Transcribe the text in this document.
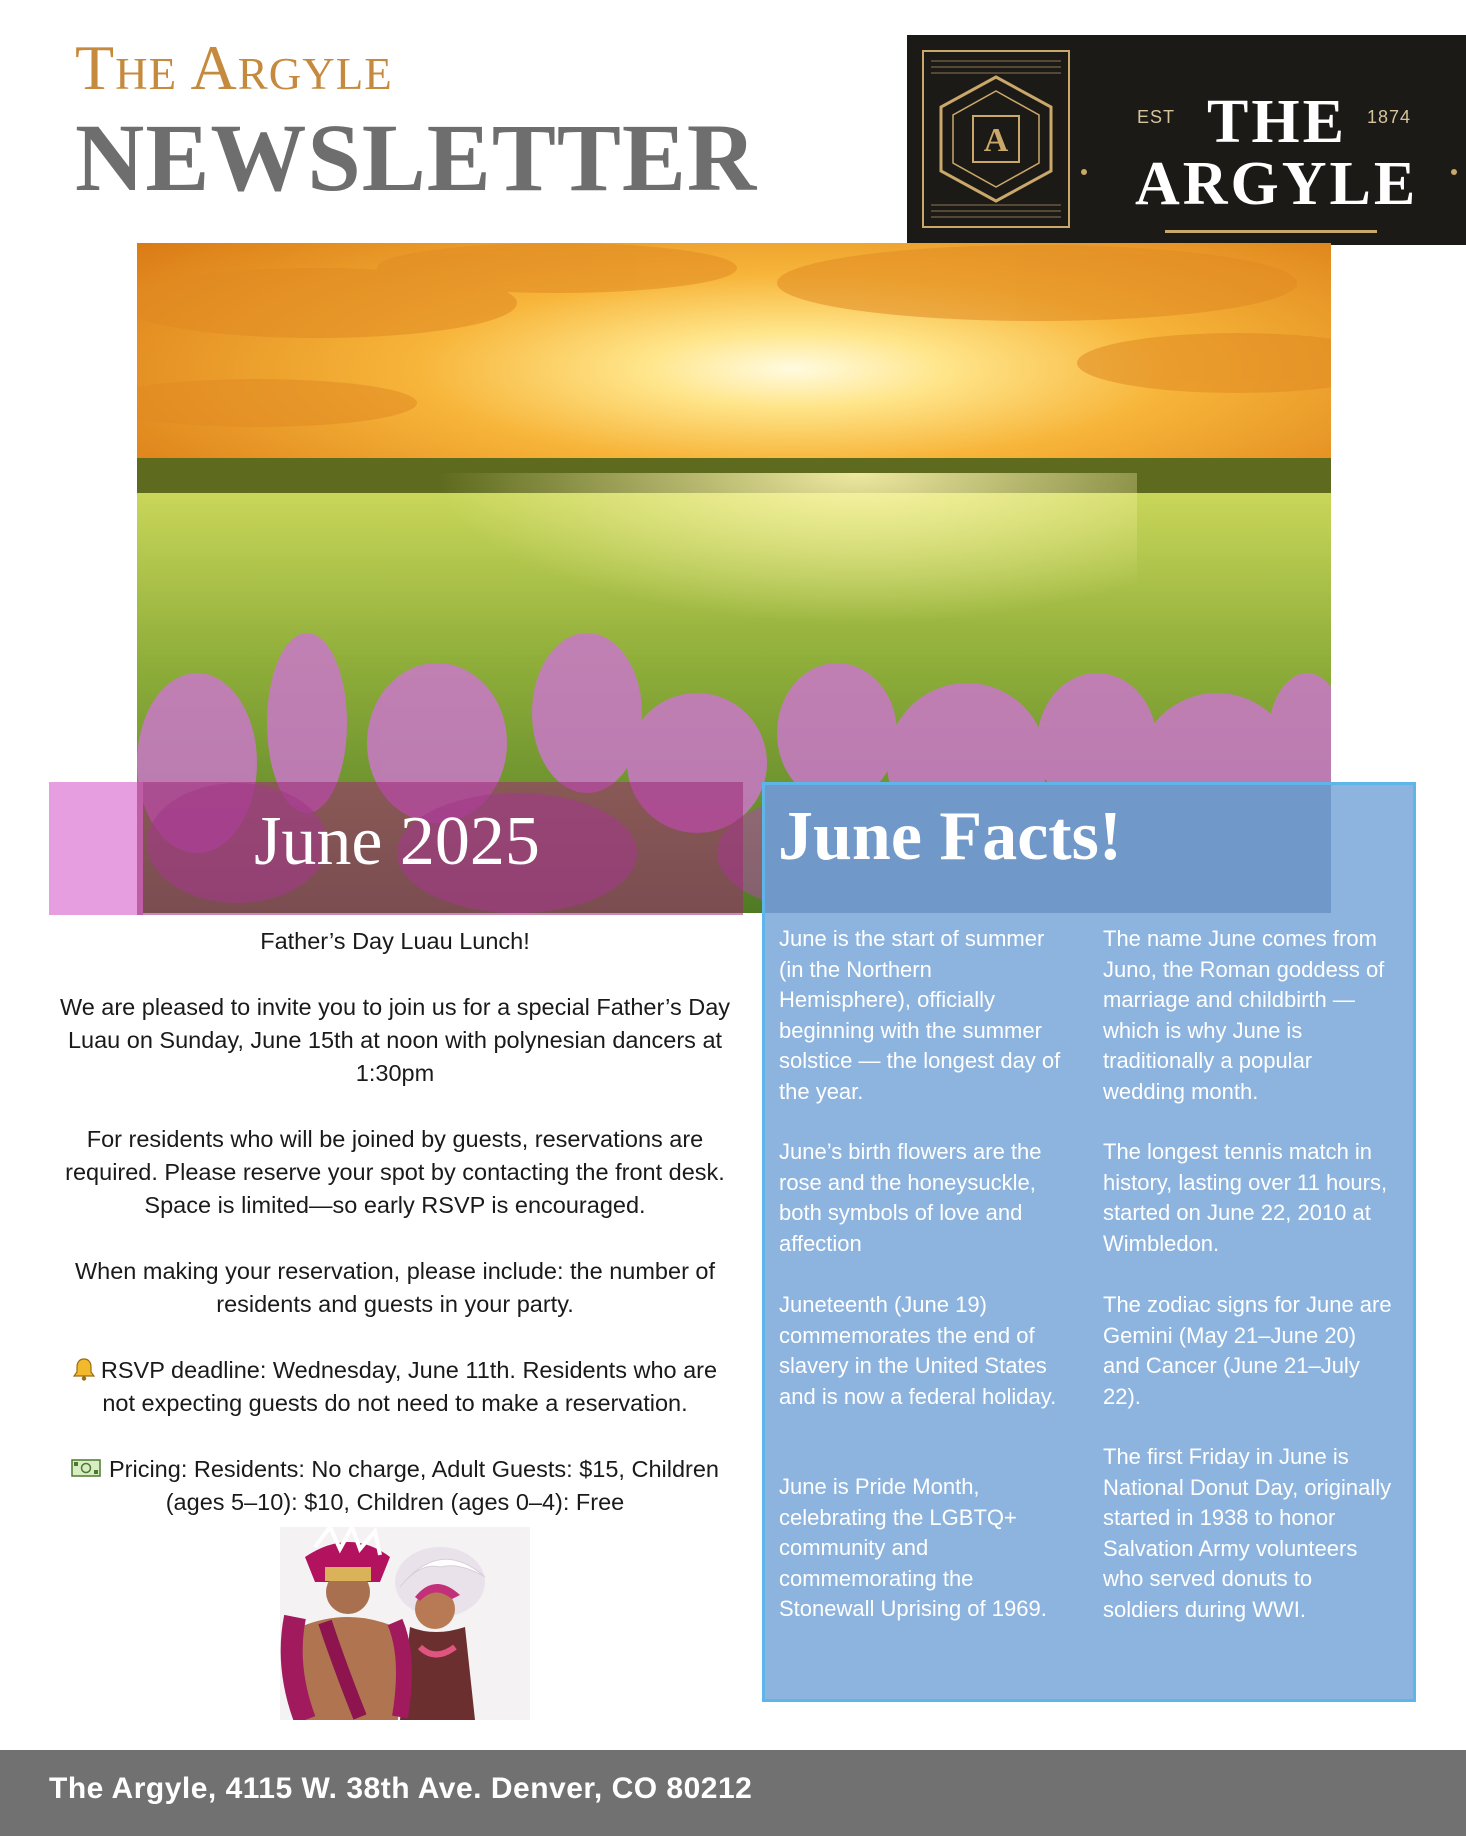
The Argyle
NEWSLETTER	A
EST	1874
THE
ARGYLE
June 2025	June Facts!
June is the start of summer (in the Northern Hemisphere), officially beginning with the summer solstice — the longest day of the year.
June’s birth flowers are the rose and the honeysuckle, both symbols of love and affection
Juneteenth (June 19) commemorates the end of slavery in the United States and is now a federal holiday.
June is Pride Month, celebrating the LGBTQ+ community and commemorating the Stonewall Uprising of 1969.
The name June comes from Juno, the Roman goddess of marriage and childbirth — which is why June is traditionally a popular wedding month.
The longest tennis match in history, lasting over 11 hours, started on June 22, 2010 at Wimbledon.
The zodiac signs for June are Gemini (May 21–June 20) and Cancer (June 21–July 22).
The first Friday in June is National Donut Day, originally started in 1938 to honor Salvation Army volunteers who served donuts to soldiers during WWI.

Father’s Day Luau Lunch!

We are pleased to invite you to join us for a special Father’s Day Luau on Sunday, June 15th at noon with polynesian dancers at 1:30pm

For residents who will be joined by guests, reservations are required. Please reserve your spot by contacting the front desk. Space is limited—so early RSVP is encouraged.

When making your reservation, please include: the number of residents and guests in your party.

RSVP deadline: Wednesday, June 11th. Residents who are not expecting guests do not need to make a reservation.

Pricing: Residents: No charge, Adult Guests: $15, Children (ages 5–10): $10, Children (ages 0–4): Free

The Argyle, 4115 W. 38th Ave. Denver, CO 80212
